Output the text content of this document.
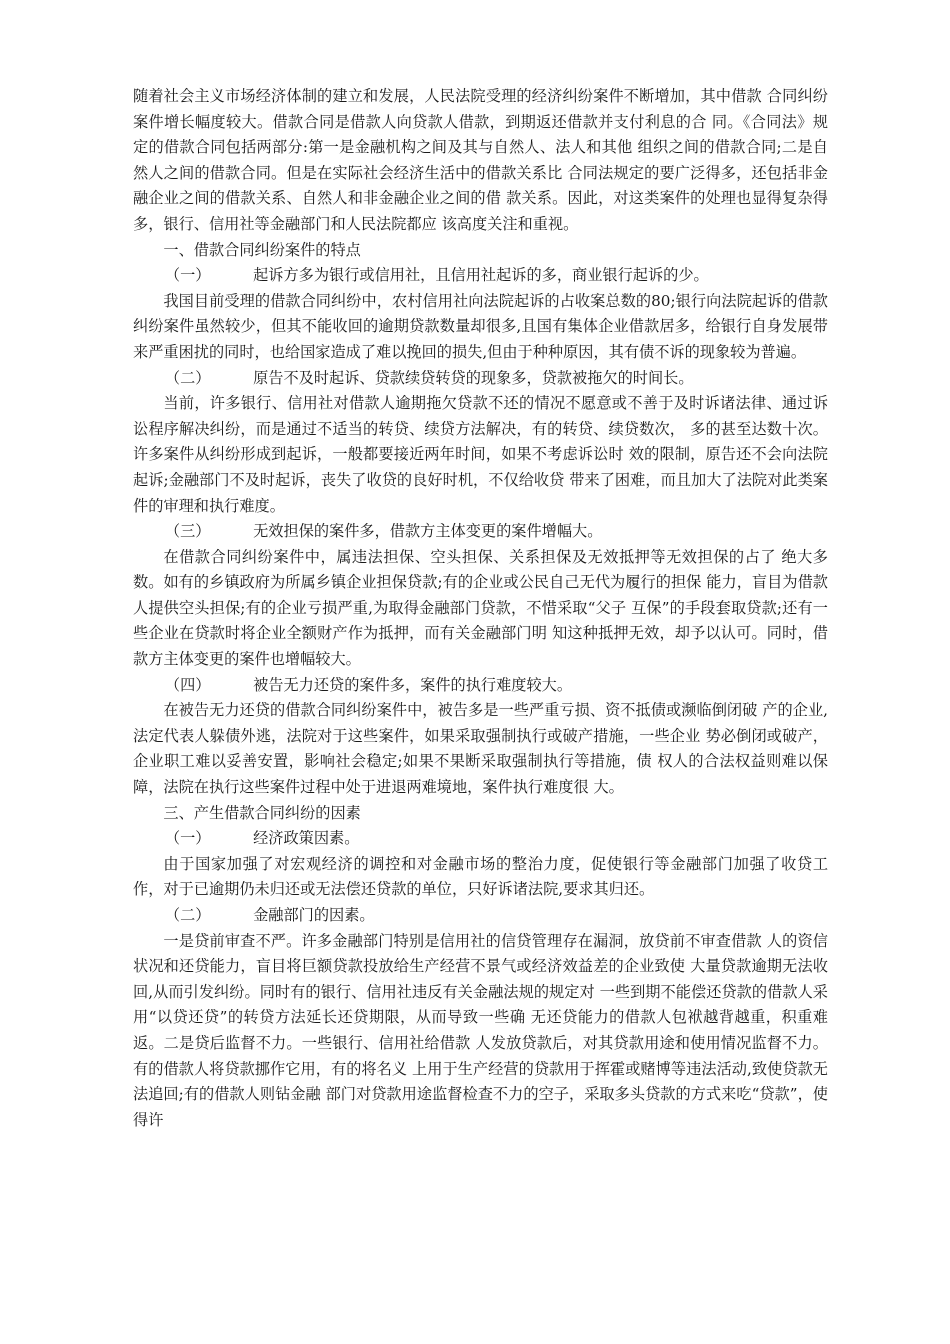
随着社会主义市场经济体制的建立和发展，人民法院受理的经济纠纷案件不断增加，其中借款 合同纠纷案件增长幅度较大。借款合同是借款人向贷款人借款，到期返还借款并支付利息的合 同。《合同法》规定的借款合同包括两部分:第一是金融机构之间及其与自然人、法人和其他 组织之间的借款合同;二是自然人之间的借款合同。但是在实际社会经济生活中的借款关系比 合同法规定的要广泛得多，还包括非金融企业之间的借款关系、自然人和非金融企业之间的借 款关系。因此，对这类案件的处理也显得复杂得多，银行、信用社等金融部门和人民法院都应 该高度关注和重视。

一、借款合同纠纷案件的特点

（一）	起诉方多为银行或信用社，且信用社起诉的多，商业银行起诉的少。

我国目前受理的借款合同纠纷中，农村信用社向法院起诉的占收案总数的80;银行向法院起诉的借款纠纷案件虽然较少，但其不能收回的逾期贷款数量却很多,且国有集体企业借款居多，给银行自身发展带来严重困扰的同时，也给国家造成了难以挽回的损失,但由于种种原因，其有债不诉的现象较为普遍。

（二）	原告不及时起诉、贷款续贷转贷的现象多，贷款被拖欠的时间长。

当前，许多银行、信用社对借款人逾期拖欠贷款不还的情况不愿意或不善于及时诉诸法律、通过诉讼程序解决纠纷，而是通过不适当的转贷、续贷方法解决，有的转贷、续贷数次， 多的甚至达数十次。许多案件从纠纷形成到起诉，一般都要接近两年时间，如果不考虑诉讼时 效的限制，原告还不会向法院起诉;金融部门不及时起诉，丧失了收贷的良好时机，不仅给收贷 带来了困难，而且加大了法院对此类案件的审理和执行难度。

（三）	无效担保的案件多，借款方主体变更的案件增幅大。

在借款合同纠纷案件中，属违法担保、空头担保、关系担保及无效抵押等无效担保的占了 绝大多数。如有的乡镇政府为所属乡镇企业担保贷款;有的企业或公民自己无代为履行的担保 能力，盲目为借款人提供空头担保;有的企业亏损严重,为取得金融部门贷款，不惜采取“父子 互保”的手段套取贷款;还有一些企业在贷款时将企业全额财产作为抵押，而有关金融部门明 知这种抵押无效，却予以认可。同时，借款方主体变更的案件也增幅较大。

（四）	被告无力还贷的案件多，案件的执行难度较大。

在被告无力还贷的借款合同纠纷案件中，被告多是一些严重亏损、资不抵债或濒临倒闭破 产的企业,法定代表人躲债外逃，法院对于这些案件，如果采取强制执行或破产措施，一些企业 势必倒闭或破产，企业职工难以妥善安置，影响社会稳定;如果不果断采取强制执行等措施，债 权人的合法权益则难以保障，法院在执行这些案件过程中处于进退两难境地，案件执行难度很 大。

三、产生借款合同纠纷的因素

（一）	经济政策因素。

由于国家加强了对宏观经济的调控和对金融市场的整治力度，促使银行等金融部门加强了收贷工作，对于已逾期仍未归还或无法偿还贷款的单位，只好诉诸法院,要求其归还。

（二）	金融部门的因素。

一是贷前审查不严。许多金融部门特别是信用社的信贷管理存在漏洞，放贷前不审查借款 人的资信状况和还贷能力，盲目将巨额贷款投放给生产经营不景气或经济效益差的企业致使 大量贷款逾期无法收回,从而引发纠纷。同时有的银行、信用社违反有关金融法规的规定对 一些到期不能偿还贷款的借款人采用“以贷还贷”的转贷方法延长还贷期限，从而导致一些确 无还贷能力的借款人包袱越背越重，积重难返。二是贷后监督不力。一些银行、信用社给借款 人发放贷款后，对其贷款用途和使用情况监督不力。有的借款人将贷款挪作它用，有的将名义 上用于生产经营的贷款用于挥霍或赌博等违法活动,致使贷款无法追回;有的借款人则钻金融 部门对贷款用途监督检查不力的空子，采取多头贷款的方式来吃“贷款”，使得许
